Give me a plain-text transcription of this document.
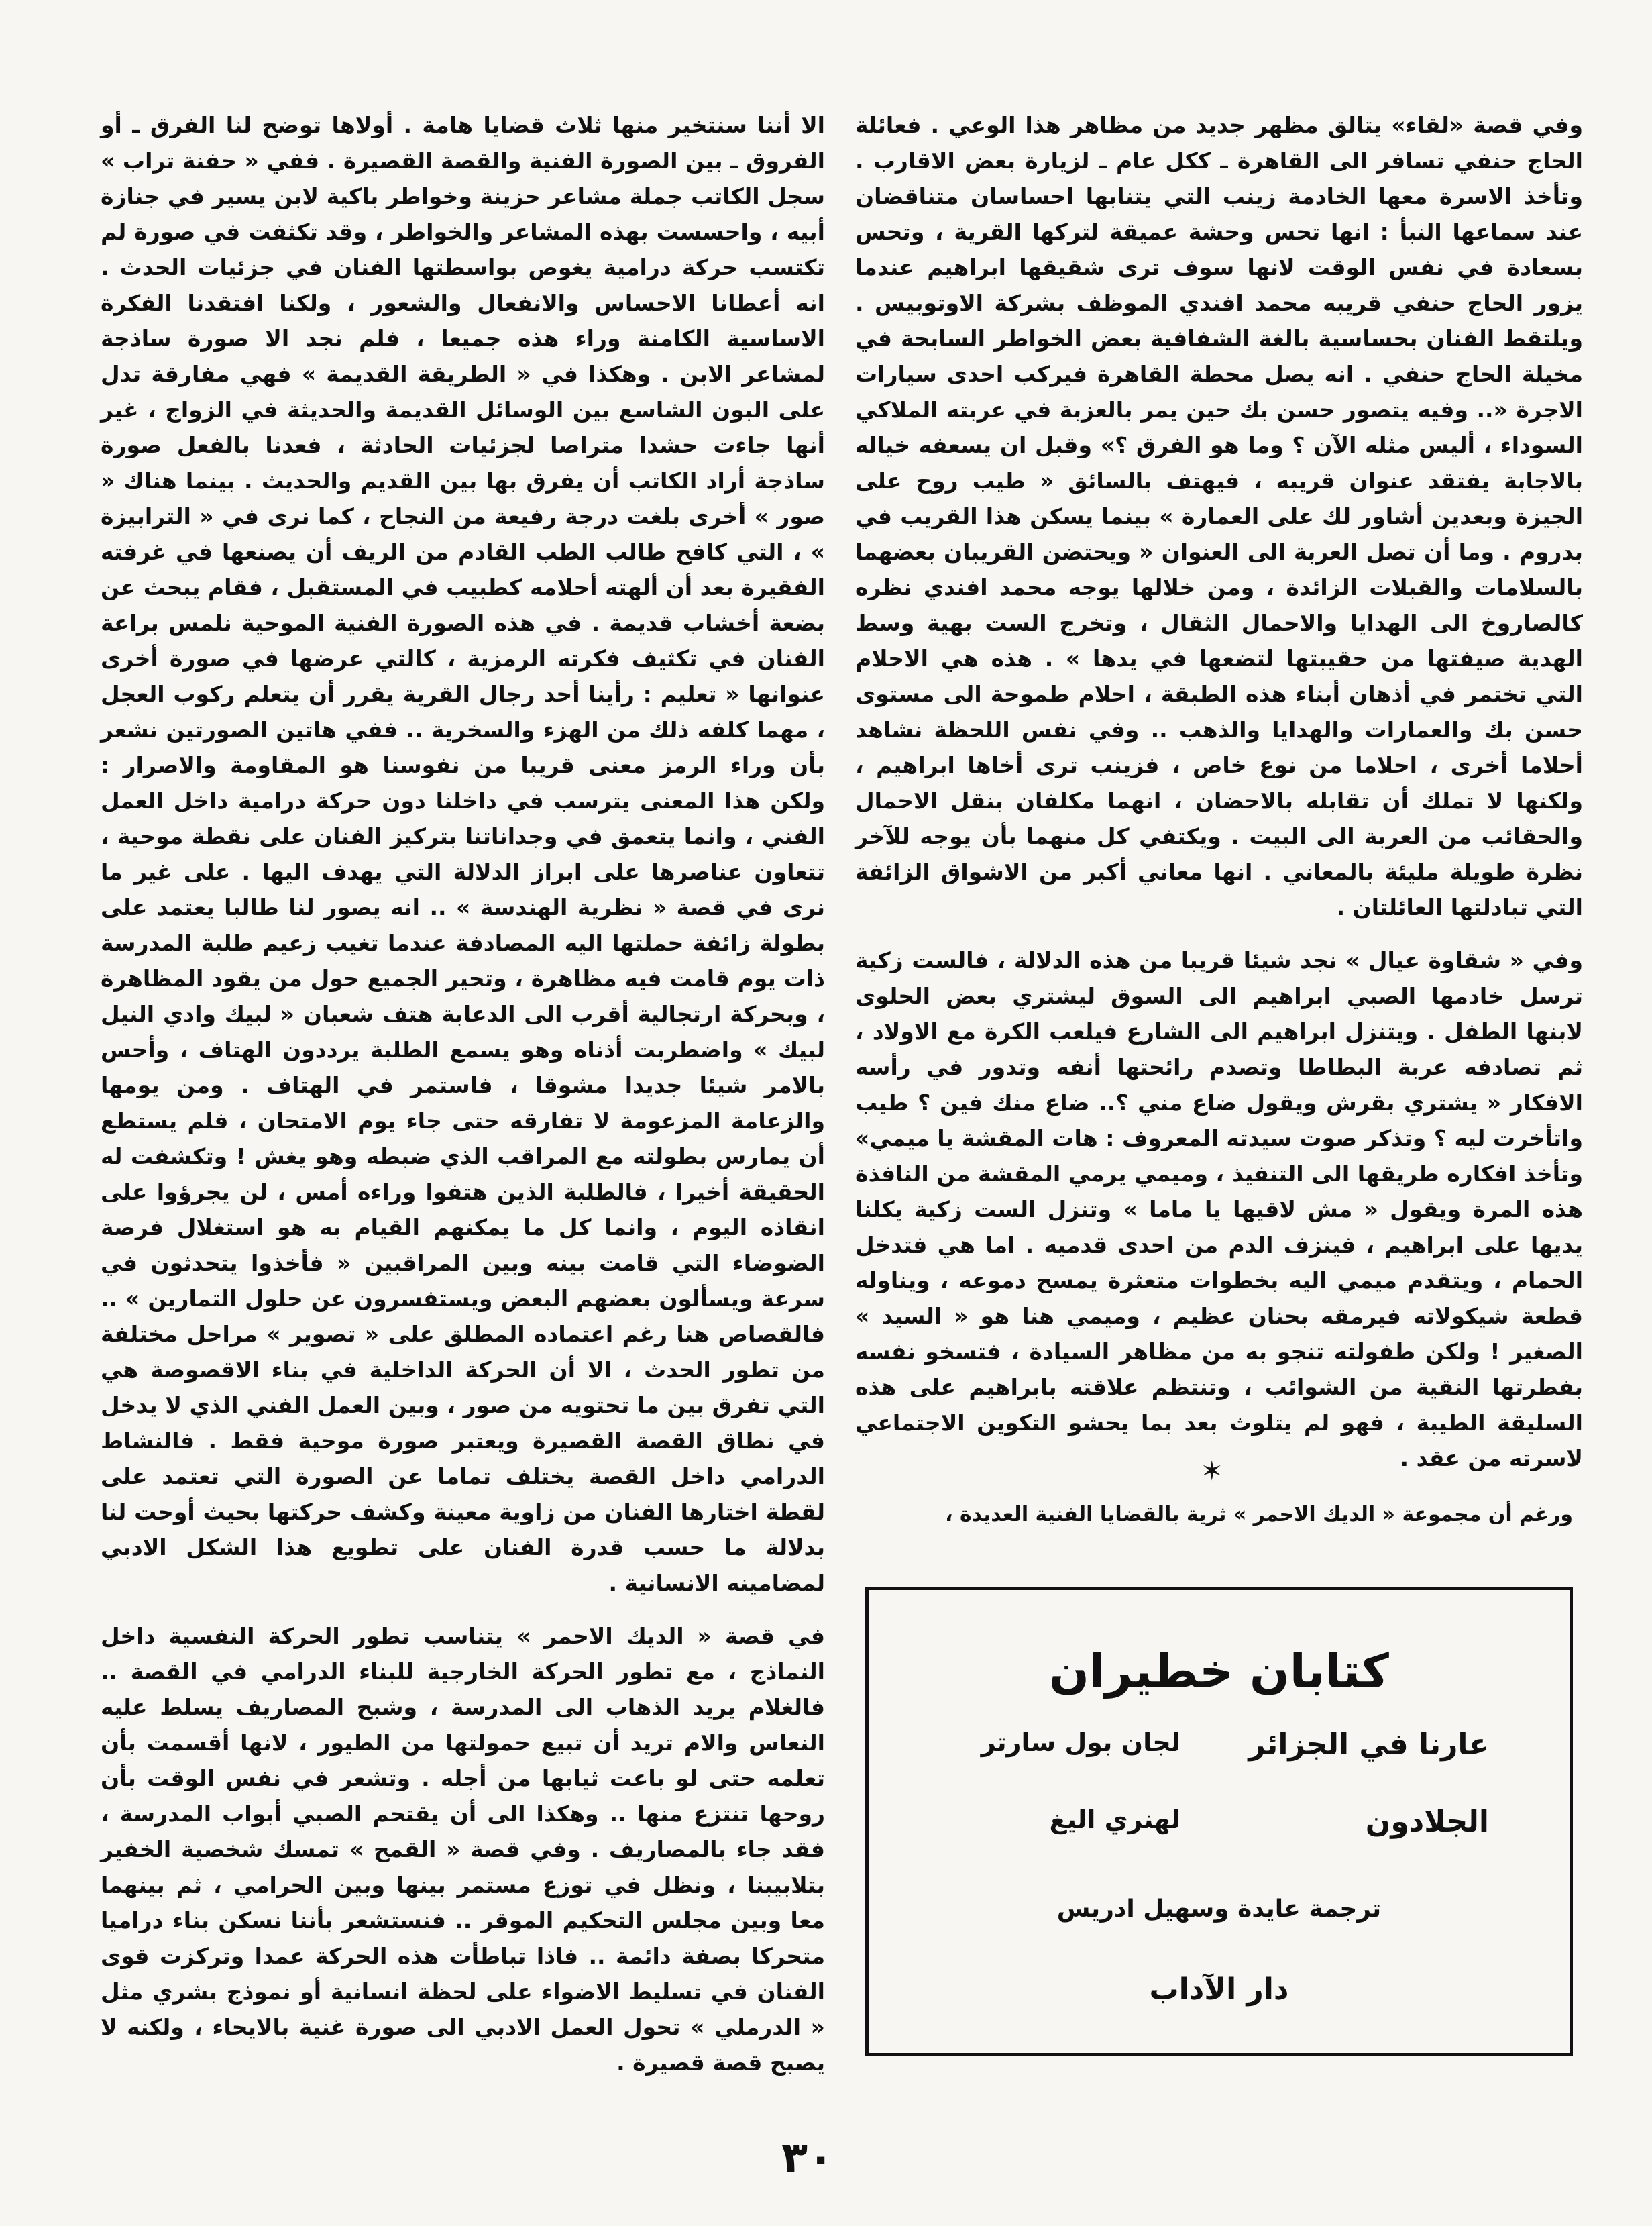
وفي قصة «لقاء» يتالق مظهر جديد من مظاهر هذا الوعي . فعائلة الحاج حنفي تسافر الى القاهرة ـ ككل عام ـ لزيارة بعض الاقارب . وتأخذ الاسرة معها الخادمة زينب التي يتنابها احساسان متناقضان عند سماعها النبأ : انها تحس وحشة عميقة لتركها القرية ، وتحس بسعادة في نفس الوقت لانها سوف ترى شقيقها ابراهيم عندما يزور الحاج حنفي قريبه محمد افندي الموظف بشركة الاوتوبيس . ويلتقط الفنان بحساسية بالغة الشفافية بعض الخواطر السابحة في مخيلة الحاج حنفي . انه يصل محطة القاهرة فيركب احدى سيارات الاجرة «.. وفيه يتصور حسن بك حين يمر بالعزبة في عربته الملاكي السوداء ، أليس مثله الآن ؟ وما هو الفرق ؟» وقبل ان يسعفه خياله بالاجابة يفتقد عنوان قريبه ، فيهتف بالسائق « طيب روح على الجيزة وبعدين أشاور لك على العمارة » بينما يسكن هذا القريب في بدروم . وما أن تصل العربة الى العنوان « ويحتضن القريبان بعضهما بالسلامات والقبلات الزائدة ، ومن خلالها يوجه محمد افندي نظره كالصاروخ الى الهدايا والاحمال الثقال ، وتخرج الست بهية وسط الهدية صيفتها من حقيبتها لتضعها في يدها » . هذه هي الاحلام التي تختمر في أذهان أبناء هذه الطبقة ، احلام طموحة الى مستوى حسن بك والعمارات والهدايا والذهب .. وفي نفس اللحظة نشاهد أحلاما أخرى ، احلاما من نوع خاص ، فزينب ترى أخاها ابراهيم ، ولكنها لا تملك أن تقابله بالاحضان ، انهما مكلفان بنقل الاحمال والحقائب من العربة الى البيت . ويكتفي كل منهما بأن يوجه للآخر نظرة طويلة مليئة بالمعاني . انها معاني أكبر من الاشواق الزائفة التي تبادلتها العائلتان .

وفي « شقاوة عيال » نجد شيئا قريبا من هذه الدلالة ، فالست زكية ترسل خادمها الصبي ابراهيم الى السوق ليشتري بعض الحلوى لابنها الطفل . ويتنزل ابراهيم الى الشارع فيلعب الكرة مع الاولاد ، ثم تصادفه عربة البطاطا وتصدم رائحتها أنفه وتدور في رأسه الافكار « يشتري بقرش ويقول ضاع مني ؟.. ضاع منك فين ؟ طيب واتأخرت ليه ؟ وتذكر صوت سيدته المعروف : هات المقشة يا ميمي» وتأخذ افكاره طريقها الى التنفيذ ، وميمي يرمي المقشة من النافذة هذه المرة ويقول « مش لاقيها يا ماما » وتنزل الست زكية يكلنا يديها على ابراهيم ، فينزف الدم من احدى قدميه . اما هي فتدخل الحمام ، ويتقدم ميمي اليه بخطوات متعثرة يمسح دموعه ، ويناوله قطعة شيكولاته فيرمقه بحنان عظيم ، وميمي هنا هو « السيد » الصغير ! ولكن طفولته تنجو به من مظاهر السيادة ، فتسخو نفسه بفطرتها النقية من الشوائب ، وتنتظم علاقته بابراهيم على هذه السليقة الطيبة ، فهو لم يتلوث بعد بما يحشو التكوين الاجتماعي لاسرته من عقد .

✶
ورغم أن مجموعة « الديك الاحمر » ثرية بالقضايا الفنية العديدة ،

الا أننا سنتخير منها ثلاث قضايا هامة . أولاها توضح لنا الفرق ـ أو الفروق ـ بين الصورة الفنية والقصة القصيرة . ففي « حفنة تراب » سجل الكاتب جملة مشاعر حزينة وخواطر باكية لابن يسير في جنازة أبيه ، واحسست بهذه المشاعر والخواطر ، وقد تكثفت في صورة لم تكتسب حركة درامية يغوص بواسطتها الفنان في جزئيات الحدث . انه أعطانا الاحساس والانفعال والشعور ، ولكنا افتقدنا الفكرة الاساسية الكامنة وراء هذه جميعا ، فلم نجد الا صورة ساذجة لمشاعر الابن . وهكذا في « الطريقة القديمة » فهي مفارقة تدل على البون الشاسع بين الوسائل القديمة والحديثة في الزواج ، غير أنها جاءت حشدا متراصا لجزئيات الحادثة ، فعدنا بالفعل صورة ساذجة أراد الكاتب أن يفرق بها بين القديم والحديث . بينما هناك « صور » أخرى بلغت درجة رفيعة من النجاح ، كما نرى في « الترابيزة » ، التي كافح طالب الطب القادم من الريف أن يصنعها في غرفته الفقيرة بعد أن ألهته أحلامه كطبيب في المستقبل ، فقام يبحث عن بضعة أخشاب قديمة . في هذه الصورة الفنية الموحية نلمس براعة الفنان في تكثيف فكرته الرمزية ، كالتي عرضها في صورة أخرى عنوانها « تعليم : رأينا أحد رجال القرية يقرر أن يتعلم ركوب العجل ، مهما كلفه ذلك من الهزء والسخرية .. ففي هاتين الصورتين نشعر بأن وراء الرمز معنى قريبا من نفوسنا هو المقاومة والاصرار : ولكن هذا المعنى يترسب في داخلنا دون حركة درامية داخل العمل الفني ، وانما يتعمق في وجداناتنا بتركيز الفنان على نقطة موحية ، تتعاون عناصرها على ابراز الدلالة التي يهدف اليها . على غير ما نرى في قصة « نظرية الهندسة » .. انه يصور لنا طالبا يعتمد على بطولة زائفة حملتها اليه المصادفة عندما تغيب زعيم طلبة المدرسة ذات يوم قامت فيه مظاهرة ، وتحير الجميع حول من يقود المظاهرة ، وبحركة ارتجالية أقرب الى الدعابة هتف شعبان « لبيك وادي النيل لبيك » واضطربت أذناه وهو يسمع الطلبة يرددون الهتاف ، وأحس بالامر شيئا جديدا مشوقا ، فاستمر في الهتاف . ومن يومها والزعامة المزعومة لا تفارقه حتى جاء يوم الامتحان ، فلم يستطع أن يمارس بطولته مع المراقب الذي ضبطه وهو يغش ! وتكشفت له الحقيقة أخيرا ، فالطلبة الذين هتفوا وراءه أمس ، لن يجرؤوا على انقاذه اليوم ، وانما كل ما يمكنهم القيام به هو استغلال فرصة الضوضاء التي قامت بينه وبين المراقبين « فأخذوا يتحدثون في سرعة ويسألون بعضهم البعض ويستفسرون عن حلول التمارين » .. فالقصاص هنا رغم اعتماده المطلق على « تصوير » مراحل مختلفة من تطور الحدث ، الا أن الحركة الداخلية في بناء الاقصوصة هي التي تفرق بين ما تحتويه من صور ، وبين العمل الفني الذي لا يدخل في نطاق القصة القصيرة ويعتبر صورة موحية فقط . فالنشاط الدرامي داخل القصة يختلف تماما عن الصورة التي تعتمد على لقطة اختارها الفنان من زاوية معينة وكشف حركتها بحيث أوحت لنا بدلالة ما حسب قدرة الفنان على تطويع هذا الشكل الادبي لمضامينه الانسانية .

في قصة « الديك الاحمر » يتناسب تطور الحركة النفسية داخل النماذج ، مع تطور الحركة الخارجية للبناء الدرامي في القصة .. فالغلام يريد الذهاب الى المدرسة ، وشبح المصاريف يسلط عليه النعاس والام تريد أن تبيع حمولتها من الطيور ، لانها أقسمت بأن تعلمه حتى لو باعت ثيابها من أجله . وتشعر في نفس الوقت بأن روحها تنتزع منها .. وهكذا الى أن يقتحم الصبي أبواب المدرسة ، فقد جاء بالمصاريف . وفي قصة « القمح » تمسك شخصية الخفير بتلابيبنا ، ونظل في توزع مستمر بينها وبين الحرامي ، ثم بينهما معا وبين مجلس التحكيم الموقر .. فنستشعر بأننا نسكن بناء دراميا متحركا بصفة دائمة .. فاذا تباطأت هذه الحركة عمدا وتركزت قوى الفنان في تسليط الاضواء على لحظة انسانية أو نموذج بشري مثل « الدرملي » تحول العمل الادبي الى صورة غنية بالايحاء ، ولكنه لا يصبح قصة قصيرة .

كتابان خطيران
عارنا في الجزائر
لجان بول سارتر
الجلادون
لهنري اليغ
ترجمة عايدة وسهيل ادريس
دار الآداب
٣٠
